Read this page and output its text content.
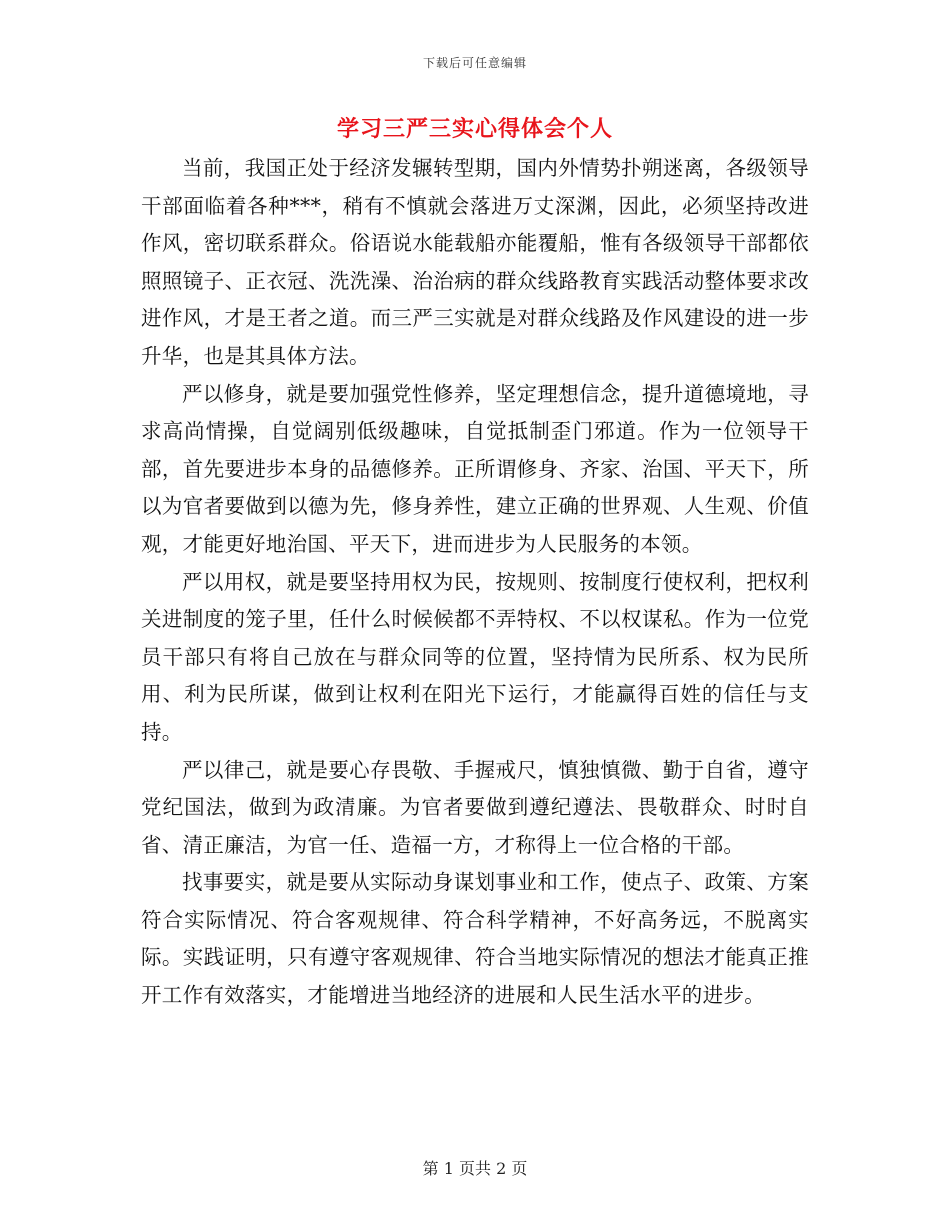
下载后可任意编辑
学习三严三实心得体会个人

当前，我国正处于经济发辗转型期，国内外情势扑朔迷离，各级领导干部面临着各种***，稍有不慎就会落进万丈深渊，因此，必须坚持改进作风，密切联系群众。俗语说水能载船亦能覆船，惟有各级领导干部都依照照镜子、正衣冠、洗洗澡、治治病的群众线路教育实践活动整体要求改进作风，才是王者之道。而三严三实就是对群众线路及作风建设的进一步升华，也是其具体方法。

严以修身，就是要加强党性修养，坚定理想信念，提升道德境地，寻求高尚情操，自觉阔别低级趣味，自觉抵制歪门邪道。作为一位领导干部，首先要进步本身的品德修养。正所谓修身、齐家、治国、平天下，所以为官者要做到以德为先，修身养性，建立正确的世界观、人生观、价值观，才能更好地治国、平天下，进而进步为人民服务的本领。

严以用权，就是要坚持用权为民，按规则、按制度行使权利，把权利关进制度的笼子里，任什么时候候都不弄特权、不以权谋私。作为一位党员干部只有将自己放在与群众同等的位置，坚持情为民所系、权为民所用、利为民所谋，做到让权利在阳光下运行，才能赢得百姓的信任与支持。

严以律己，就是要心存畏敬、手握戒尺，慎独慎微、勤于自省，遵守党纪国法，做到为政清廉。为官者要做到遵纪遵法、畏敬群众、时时自省、清正廉洁，为官一任、造福一方，才称得上一位合格的干部。

找事要实，就是要从实际动身谋划事业和工作，使点子、政策、方案符合实际情况、符合客观规律、符合科学精神，不好高务远，不脱离实际。实践证明，只有遵守客观规律、符合当地实际情况的想法才能真正推开工作有效落实，才能增进当地经济的进展和人民生活水平的进步。

第 1 页共 2 页
